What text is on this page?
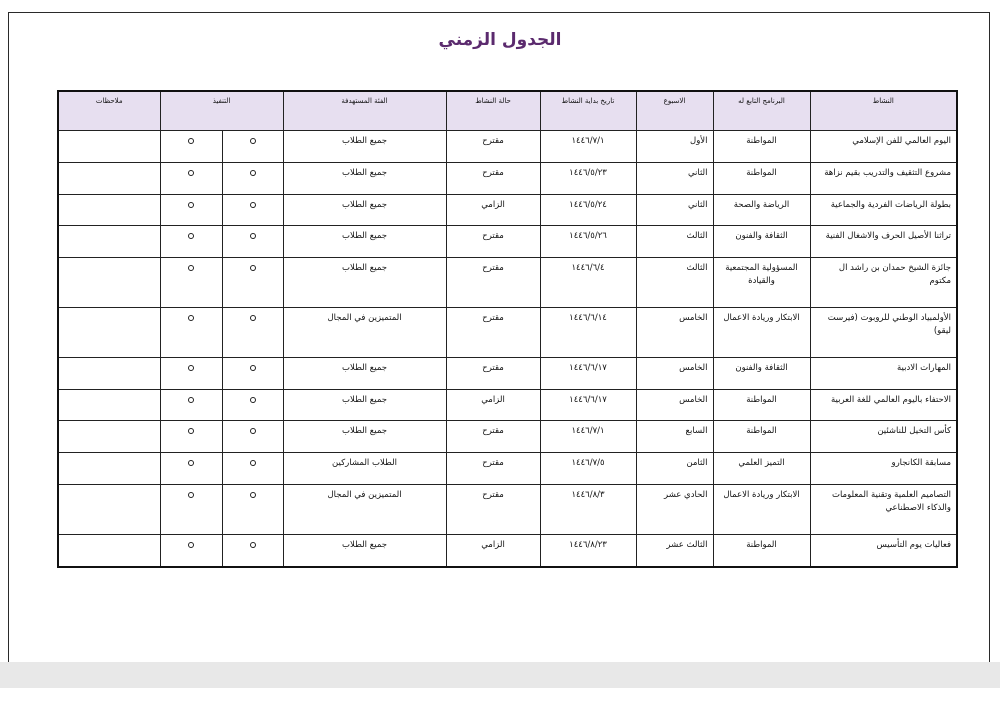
الجدول الزمني
النشاط	البرنامج التابع له	الاسبوع	تاريخ بداية النشاط	حالة النشاط	الفئة المستهدفة	التنفيذ		ملاحظات
اليوم العالمي للفن الإسلامي	المواطنة	الأول	١٤٤٦/٧/١	مقترح	جميع الطلاب			
مشروع التثقيف والتدريب بقيم نزاهة	المواطنة	الثاني	١٤٤٦/٥/٢٣	مقترح	جميع الطلاب			
بطولة الرياضات الفردية والجماعية	الرياضة والصحة	الثاني	١٤٤٦/٥/٢٤	الزامي	جميع الطلاب			
تراثنا الأصيل الحرف والاشغال الفنية	الثقافة والفنون	الثالث	١٤٤٦/٥/٢٦	مقترح	جميع الطلاب			
جائزة الشيخ حمدان بن راشد ال مكتوم	المسؤولية المجتمعية والقيادة	الثالث	١٤٤٦/٦/٤	مقترح	جميع الطلاب			
الأولمبياد الوطني للروبوت (فيرست ليقو)	الابتكار وريادة الاعمال	الخامس	١٤٤٦/٦/١٤	مقترح	المتميزين في المجال			
المهارات الادبية	الثقافة والفنون	الخامس	١٤٤٦/٦/١٧	مقترح	جميع الطلاب			
الاحتفاء باليوم العالمي للغة العربية	المواطنة	الخامس	١٤٤٦/٦/١٧	الزامي	جميع الطلاب			
كأس التخيل للناشئين	المواطنة	السابع	١٤٤٦/٧/١	مقترح	جميع الطلاب			
مسابقة الكانجارو	التميز العلمي	الثامن	١٤٤٦/٧/٥	مقترح	الطلاب المشاركين			
التصاميم العلمية وتقنية المعلومات والذكاء الاصطناعي	الابتكار وريادة الاعمال	الحادي عشر	١٤٤٦/٨/٣	مقترح	المتميزين في المجال			
فعاليات يوم التأسيس	المواطنة	الثالث عشر	١٤٤٦/٨/٢٣	الزامي	جميع الطلاب			
